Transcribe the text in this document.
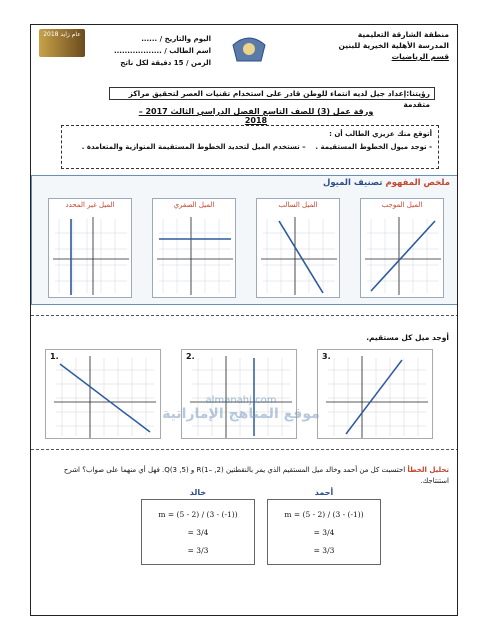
2018 عام زايد
اليوم والتاريخ / ......
اسم الطالب / ..................
الزمن / 15 دقيقة لكل ناتج
منطقة الشارقة التعليمية
المدرسة الأهلية الخيرية للبنين
قسم الرياضيات
رؤيتنا:إعداد جيل لديه انتماء للوطن قادر على استخدام تقنيات العصر لتحقيق مراكز متقدمة
ورقة عمل (3) للصف التاسع الفصل الدراسي الثالث 2017 – 2018
أتوقع منك عزيزي الطالب أن :
- توجد ميول الخطوط المستقيمة .    – تستخدم الميل لتحديد الخطوط المستقيمة المتوازية والمتعامدة .
ملخص المفهوم تصنيف الميول
الميل الموجب
الميل السالب
الميل الصفري
الميل غير المحدد
أوجد ميل كل مستقيم.
1.	2.	3.
almanahj.com
موقع المناهج الإماراتية
تحليل الخطأ احتسبت كل من أحمد وخالد ميل المستقيم الذي يمر بالنقطتين (2, –1)R و (5, 3)Q. فهل أي منهما على صواب؟ اشرح استنتاجك.
خالد
m = (5 - 2) / (3 - (-1))
= 3/4
= 3/3
أحمد
m = (5 - 2) / (3 - (-1))
= 3/4
= 3/3
